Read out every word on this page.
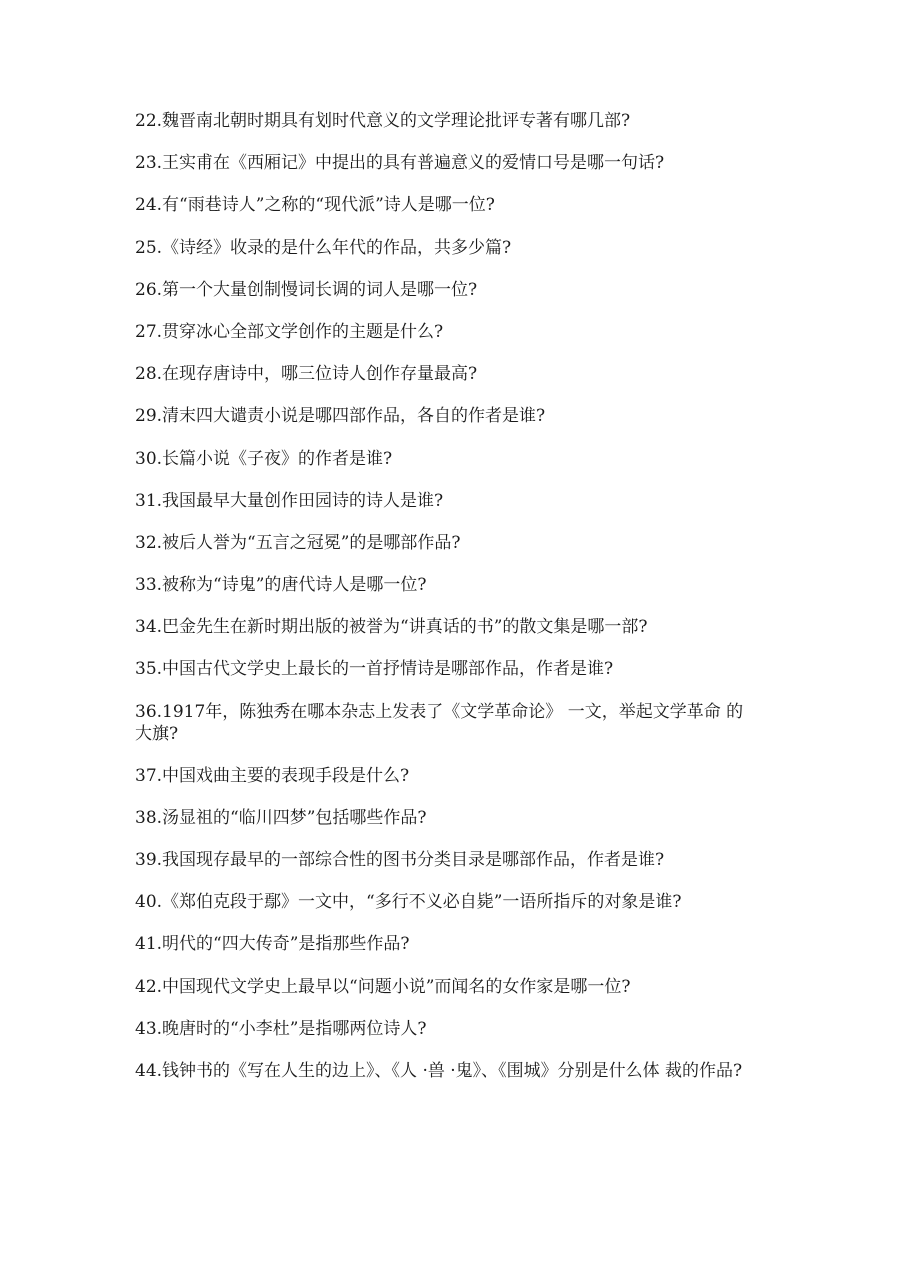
22.魏晋南北朝时期具有划时代意义的文学理论批评专著有哪几部?
23.王实甫在《西厢记》中提出的具有普遍意义的爱情口号是哪一句话?
24.有“雨巷诗人”之称的“现代派”诗人是哪一位?
25.《诗经》收录的是什么年代的作品，共多少篇?
26.第一个大量创制慢词长调的词人是哪一位?
27.贯穿冰心全部文学创作的主题是什么?
28.在现存唐诗中，哪三位诗人创作存量最高?
29.清末四大谴责小说是哪四部作品，各自的作者是谁?
30.长篇小说《子夜》的作者是谁?
31.我国最早大量创作田园诗的诗人是谁?
32.被后人誉为“五言之冠冕”的是哪部作品?
33.被称为“诗鬼”的唐代诗人是哪一位?
34.巴金先生在新时期出版的被誉为“讲真话的书”的散文集是哪一部?
35.中国古代文学史上最长的一首抒情诗是哪部作品，作者是谁?
36.1917年，陈独秀在哪本杂志上发表了《文学革命论》 一文，举起文学革命 的大旗?
37.中国戏曲主要的表现手段是什么?
38.汤显祖的“临川四梦”包括哪些作品?
39.我国现存最早的一部综合性的图书分类目录是哪部作品，作者是谁?
40.《郑伯克段于鄢》一文中，“多行不义必自毙”一语所指斥的对象是谁?
41.明代的“四大传奇”是指那些作品?
42.中国现代文学史上最早以“问题小说”而闻名的女作家是哪一位?
43.晚唐时的“小李杜”是指哪两位诗人?
44.钱钟书的《写在人生的边上》、《人 ·兽 ·鬼》、《围城》分别是什么体 裁的作品?
